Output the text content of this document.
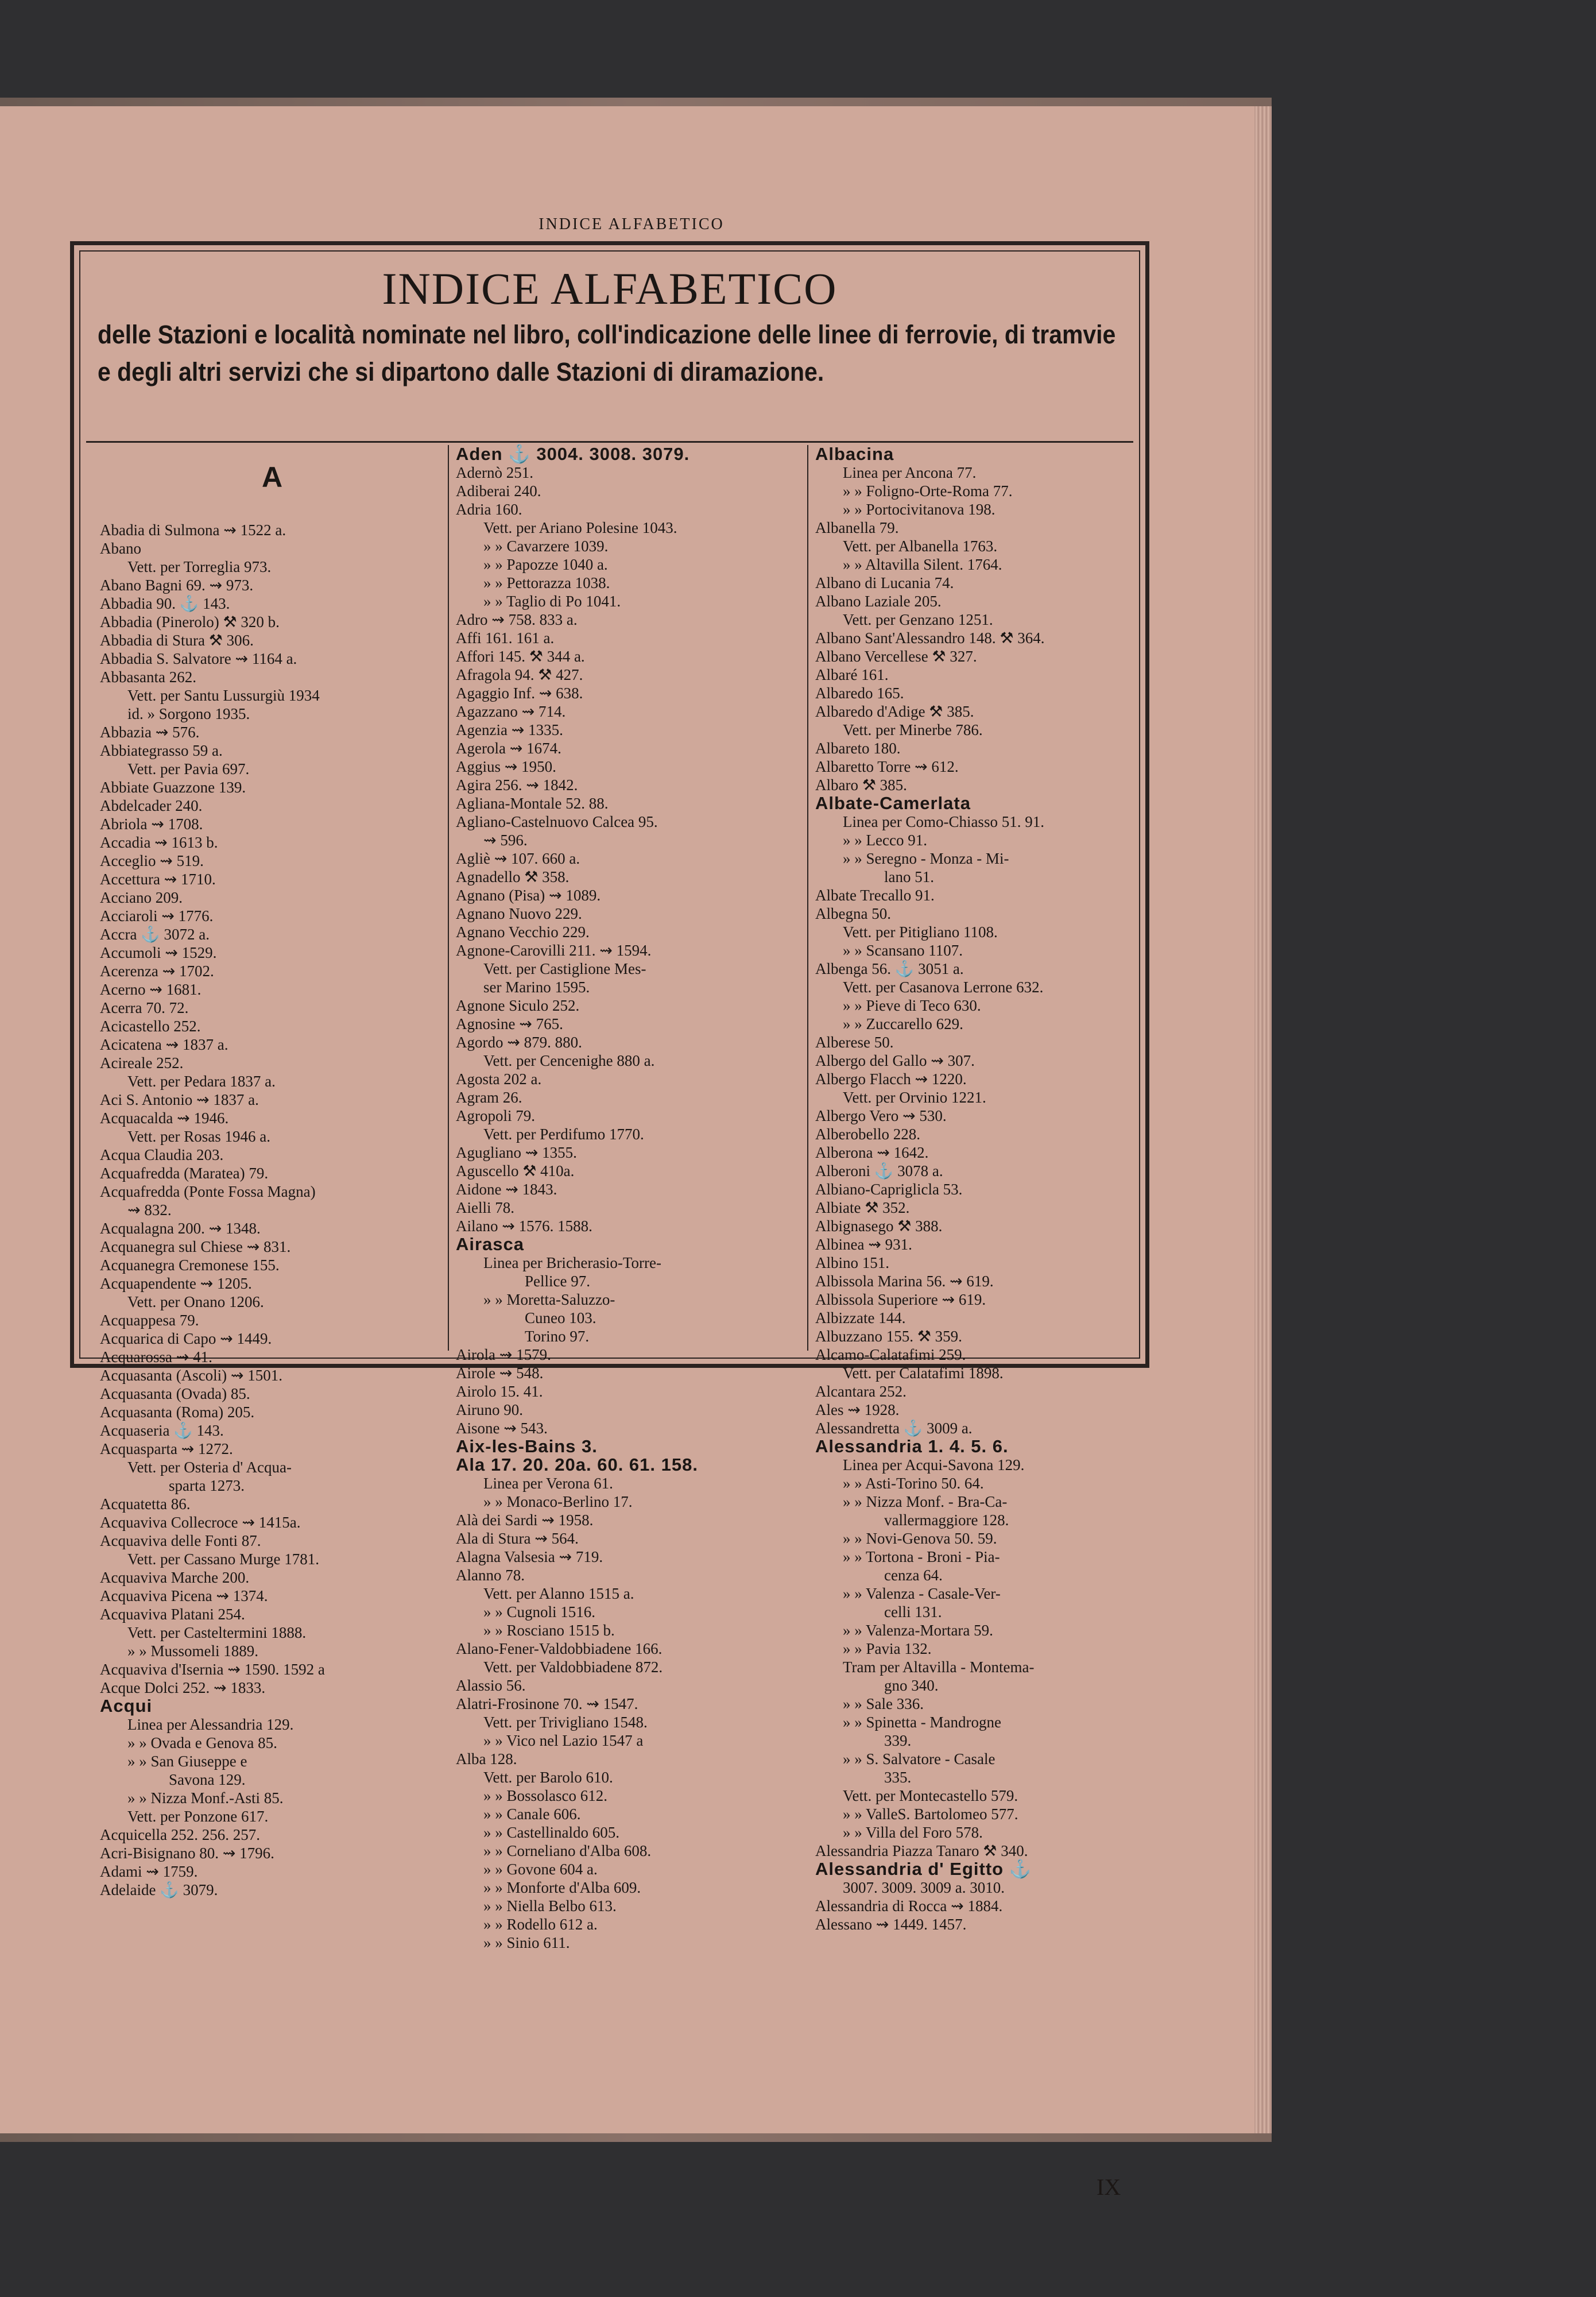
INDICE ALFABETICO
INDICE ALFABETICO
delle Stazioni e località nominate nel libro, coll'indicazione delle linee di ferrovie, di tramvie e degli altri servizi che si dipartono dalle Stazioni di diramazione.
A
Abadia di Sulmona ⇝ 1522 a.
Abano
Vett. per Torreglia 973.
Abano Bagni 69. ⇝ 973.
Abbadia 90. ⚓ 143.
Abbadia (Pinerolo) ⚒ 320 b.
Abbadia di Stura ⚒ 306.
Abbadia S. Salvatore ⇝ 1164 a.
Abbasanta 262.
Vett. per Santu Lussurgiù 1934
id. » Sorgono 1935.
Abbazia ⇝ 576.
Abbiategrasso 59 a.
Vett. per Pavia 697.
Abbiate Guazzone 139.
Abdelcader 240.
Abriola ⇝ 1708.
Accadia ⇝ 1613 b.
Acceglio ⇝ 519.
Accettura ⇝ 1710.
Acciano 209.
Acciaroli ⇝ 1776.
Accra ⚓ 3072 a.
Accumoli ⇝ 1529.
Acerenza ⇝ 1702.
Acerno ⇝ 1681.
Acerra 70. 72.
Acicastello 252.
Acicatena ⇝ 1837 a.
Acireale 252.
Vett. per Pedara 1837 a.
Aci S. Antonio ⇝ 1837 a.
Acquacalda ⇝ 1946.
Vett. per Rosas 1946 a.
Acqua Claudia 203.
Acquafredda (Maratea) 79.
Acquafredda (Ponte Fossa Magna)
⇝ 832.
Acqualagna 200. ⇝ 1348.
Acquanegra sul Chiese ⇝ 831.
Acquanegra Cremonese 155.
Acquapendente ⇝ 1205.
Vett. per Onano 1206.
Acquappesa 79.
Acquarica di Capo ⇝ 1449.
Acquarossa ⇝ 41.
Acquasanta (Ascoli) ⇝ 1501.
Acquasanta (Ovada) 85.
Acquasanta (Roma) 205.
Acquaseria ⚓ 143.
Acquasparta ⇝ 1272.
Vett. per Osteria d' Acqua-
sparta 1273.
Acquatetta 86.
Acquaviva Collecroce ⇝ 1415a.
Acquaviva delle Fonti 87.
Vett. per Cassano Murge 1781.
Acquaviva Marche 200.
Acquaviva Picena ⇝ 1374.
Acquaviva Platani 254.
Vett. per Casteltermini 1888.
» » Mussomeli 1889.
Acquaviva d'Isernia ⇝ 1590. 1592 a
Acque Dolci 252. ⇝ 1833.
Acqui
Linea per Alessandria 129.
» » Ovada e Genova 85.
» » San Giuseppe e
Savona 129.
» » Nizza Monf.-Asti 85.
Vett. per Ponzone 617.
Acquicella 252. 256. 257.
Acri-Bisignano 80. ⇝ 1796.
Adami ⇝ 1759.
Adelaide ⚓ 3079.
Aden ⚓ 3004. 3008. 3079.
Adernò 251.
Adiberai 240.
Adria 160.
Vett. per Ariano Polesine 1043.
» » Cavarzere 1039.
» » Papozze 1040 a.
» » Pettorazza 1038.
» » Taglio di Po 1041.
Adro ⇝ 758. 833 a.
Affi 161. 161 a.
Affori 145. ⚒ 344 a.
Afragola 94. ⚒ 427.
Agaggio Inf. ⇝ 638.
Agazzano ⇝ 714.
Agenzia ⇝ 1335.
Agerola ⇝ 1674.
Aggius ⇝ 1950.
Agira 256. ⇝ 1842.
Agliana-Montale 52. 88.
Agliano-Castelnuovo Calcea 95.
⇝ 596.
Agliè ⇝ 107. 660 a.
Agnadello ⚒ 358.
Agnano (Pisa) ⇝ 1089.
Agnano Nuovo 229.
Agnano Vecchio 229.
Agnone-Carovilli 211. ⇝ 1594.
Vett. per Castiglione Mes-
ser Marino 1595.
Agnone Siculo 252.
Agnosine ⇝ 765.
Agordo ⇝ 879. 880.
Vett. per Cencenighe 880 a.
Agosta 202 a.
Agram 26.
Agropoli 79.
Vett. per Perdifumo 1770.
Agugliano ⇝ 1355.
Aguscello ⚒ 410a.
Aidone ⇝ 1843.
Aielli 78.
Ailano ⇝ 1576. 1588.
Airasca
Linea per Bricherasio-Torre-
Pellice 97.
» » Moretta-Saluzzo-
Cuneo 103.
Torino 97.
Airola ⇝ 1579.
Airole ⇝ 548.
Airolo 15. 41.
Airuno 90.
Aisone ⇝ 543.
Aix-les-Bains 3.
Ala 17. 20. 20a. 60. 61. 158.
Linea per Verona 61.
» » Monaco-Berlino 17.
Alà dei Sardi ⇝ 1958.
Ala di Stura ⇝ 564.
Alagna Valsesia ⇝ 719.
Alanno 78.
Vett. per Alanno 1515 a.
» » Cugnoli 1516.
» » Rosciano 1515 b.
Alano-Fener-Valdobbiadene 166.
Vett. per Valdobbiadene 872.
Alassio 56.
Alatri-Frosinone 70. ⇝ 1547.
Vett. per Trivigliano 1548.
» » Vico nel Lazio 1547 a
Alba 128.
Vett. per Barolo 610.
» » Bossolasco 612.
» » Canale 606.
» » Castellinaldo 605.
» » Corneliano d'Alba 608.
» » Govone 604 a.
» » Monforte d'Alba 609.
» » Niella Belbo 613.
» » Rodello 612 a.
» » Sinio 611.
Albacina
Linea per Ancona 77.
» » Foligno-Orte-Roma 77.
» » Portocivitanova 198.
Albanella 79.
Vett. per Albanella 1763.
» » Altavilla Silent. 1764.
Albano di Lucania 74.
Albano Laziale 205.
Vett. per Genzano 1251.
Albano Sant'Alessandro 148. ⚒ 364.
Albano Vercellese ⚒ 327.
Albaré 161.
Albaredo 165.
Albaredo d'Adige ⚒ 385.
Vett. per Minerbe 786.
Albareto 180.
Albaretto Torre ⇝ 612.
Albaro ⚒ 385.
Albate-Camerlata
Linea per Como-Chiasso 51. 91.
» » Lecco 91.
» » Seregno - Monza - Mi-
lano 51.
Albate Trecallo 91.
Albegna 50.
Vett. per Pitigliano 1108.
» » Scansano 1107.
Albenga 56. ⚓ 3051 a.
Vett. per Casanova Lerrone 632.
» » Pieve di Teco 630.
» » Zuccarello 629.
Alberese 50.
Albergo del Gallo ⇝ 307.
Albergo Flacch ⇝ 1220.
Vett. per Orvinio 1221.
Albergo Vero ⇝ 530.
Alberobello 228.
Alberona ⇝ 1642.
Alberoni ⚓ 3078 a.
Albiano-Capriglicla 53.
Albiate ⚒ 352.
Albignasego ⚒ 388.
Albinea ⇝ 931.
Albino 151.
Albissola Marina 56. ⇝ 619.
Albissola Superiore ⇝ 619.
Albizzate 144.
Albuzzano 155. ⚒ 359.
Alcamo-Calatafimi 259.
Vett. per Calatafimi 1898.
Alcantara 252.
Ales ⇝ 1928.
Alessandretta ⚓ 3009 a.
Alessandria 1. 4. 5. 6.
Linea per Acqui-Savona 129.
» » Asti-Torino 50. 64.
» » Nizza Monf. - Bra-Ca-
vallermaggiore 128.
» » Novi-Genova 50. 59.
» » Tortona - Broni - Pia-
cenza 64.
» » Valenza - Casale-Ver-
celli 131.
» » Valenza-Mortara 59.
» » Pavia 132.
Tram per Altavilla - Montema-
gno 340.
» » Sale 336.
» » Spinetta - Mandrogne
339.
» » S. Salvatore - Casale
335.
Vett. per Montecastello 579.
» » ValleS. Bartolomeo 577.
» » Villa del Foro 578.
Alessandria Piazza Tanaro ⚒ 340.
Alessandria d' Egitto ⚓
3007. 3009. 3009 a. 3010.
Alessandria di Rocca ⇝ 1884.
Alessano ⇝ 1449. 1457.
IX
